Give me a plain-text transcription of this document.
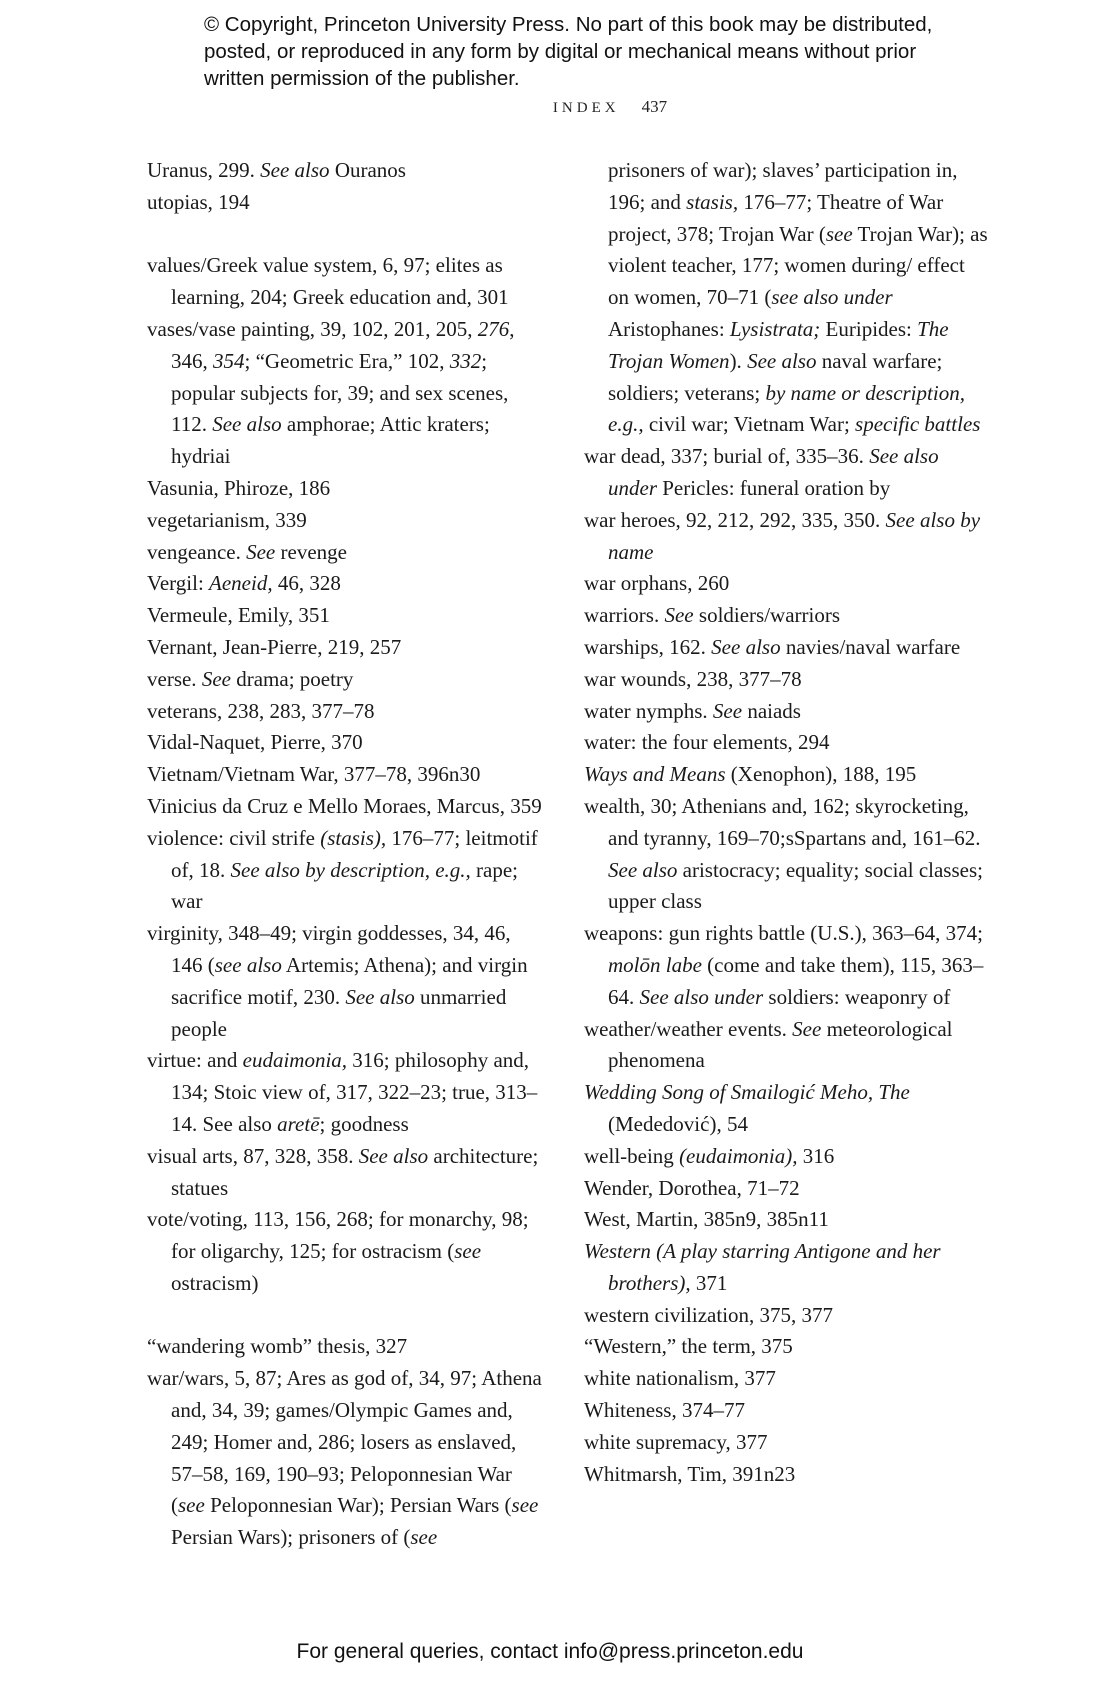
© Copyright, Princeton University Press. No part of this book may be distributed, posted, or reproduced in any form by digital or mechanical means without prior written permission of the publisher.
INDEX 437
Uranus, 299. See also Ouranos
utopias, 194
values/Greek value system, 6, 97; elites as learning, 204; Greek education and, 301
vases/vase painting, 39, 102, 201, 205, 276, 346, 354; “Geometric Era,” 102, 332; popular subjects for, 39; and sex scenes, 112. See also amphorae; Attic kraters; hydriai
Vasunia, Phiroze, 186
vegetarianism, 339
vengeance. See revenge
Vergil: Aeneid, 46, 328
Vermeule, Emily, 351
Vernant, Jean-Pierre, 219, 257
verse. See drama; poetry
veterans, 238, 283, 377–78
Vidal-Naquet, Pierre, 370
Vietnam/Vietnam War, 377–78, 396n30
Vinicius da Cruz e Mello Moraes, Marcus, 359
violence: civil strife (stasis), 176–77; leitmotif of, 18. See also by description, e.g., rape; war
virginity, 348–49; virgin goddesses, 34, 46, 146 (see also Artemis; Athena); and virgin sacrifice motif, 230. See also unmarried people
virtue: and eudaimonia, 316; philosophy and, 134; Stoic view of, 317, 322–23; true, 313–14. See also aretē; goodness
visual arts, 87, 328, 358. See also architecture; statues
vote/voting, 113, 156, 268; for monarchy, 98; for oligarchy, 125; for ostracism (see ostracism)
“wandering womb” thesis, 327
war/wars, 5, 87; Ares as god of, 34, 97; Athena and, 34, 39; games/Olympic Games and, 249; Homer and, 286; losers as enslaved, 57–58, 169, 190–93; Peloponnesian War (see Peloponnesian War); Persian Wars (see Persian Wars); prisoners of (see
prisoners of war); slaves’ participation in, 196; and stasis, 176–77; Theatre of War project, 378; Trojan War (see Trojan War); as violent teacher, 177; women during/ effect on women, 70–71 (see also under Aristophanes: Lysistrata; Euripides: The Trojan Women). See also naval warfare; soldiers; veterans; by name or description, e.g., civil war; Vietnam War; specific battles
war dead, 337; burial of, 335–36. See also under Pericles: funeral oration by
war heroes, 92, 212, 292, 335, 350. See also by name
war orphans, 260
warriors. See soldiers/warriors
warships, 162. See also navies/naval warfare
war wounds, 238, 377–78
water nymphs. See naiads
water: the four elements, 294
Ways and Means (Xenophon), 188, 195
wealth, 30; Athenians and, 162; skyrocketing, and tyranny, 169–70;sSpartans and, 161–62. See also aristocracy; equality; social classes; upper class
weapons: gun rights battle (U.S.), 363–64, 374; molōn labe (come and take them), 115, 363–64. See also under soldiers: weaponry of
weather/weather events. See meteorological phenomena
Wedding Song of Smailogić Meho, The (Mededović), 54
well-being (eudaimonia), 316
Wender, Dorothea, 71–72
West, Martin, 385n9, 385n11
Western (A play starring Antigone and her brothers), 371
western civilization, 375, 377
“Western,” the term, 375
white nationalism, 377
Whiteness, 374–77
white supremacy, 377
Whitmarsh, Tim, 391n23
For general queries, contact info@press.princeton.edu
